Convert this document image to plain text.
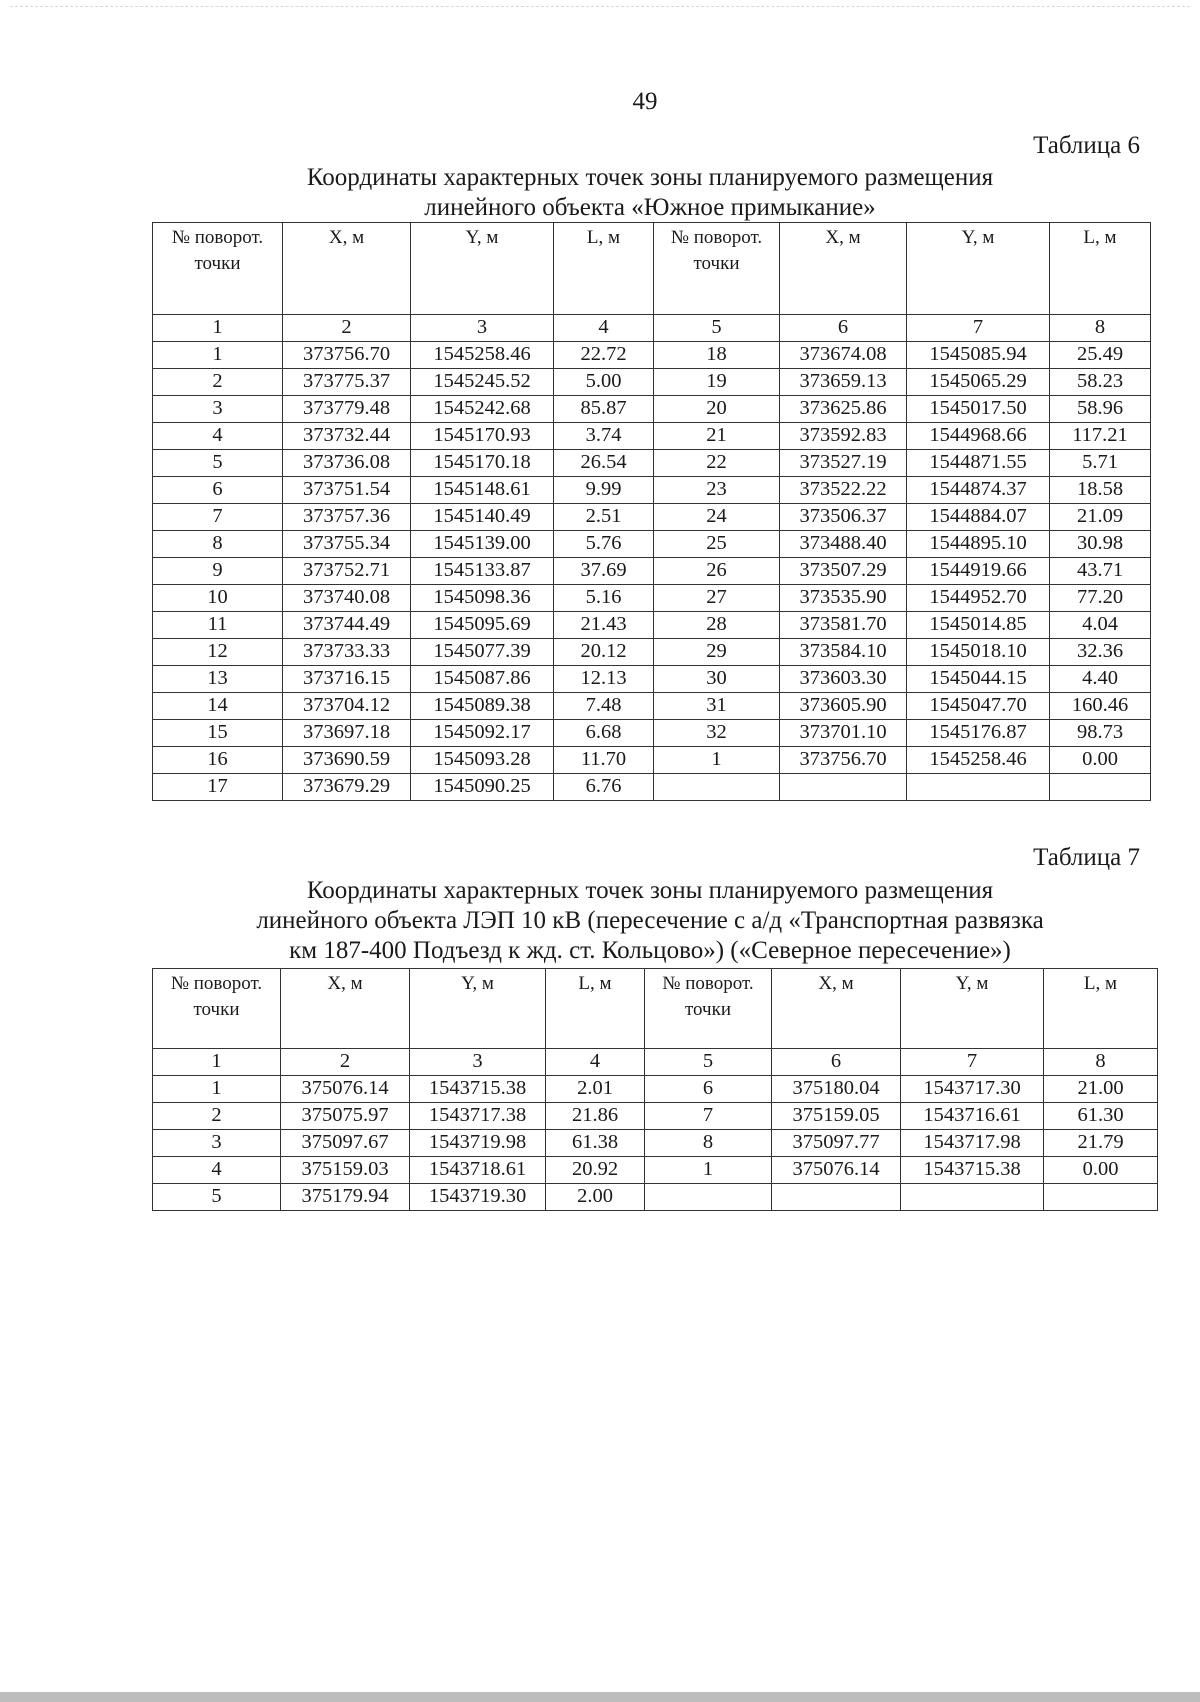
49
Таблица 6
Координаты характерных точек зоны планируемого размещения
линейного объекта «Южное примыкание»
№ поворот. точки	X, м	Y, м	L, м	№ поворот. точки	X, м	Y, м	L, м
1	2	3	4	5	6	7	8
1	373756.70	1545258.46	22.72	18	373674.08	1545085.94	25.49
2	373775.37	1545245.52	5.00	19	373659.13	1545065.29	58.23
3	373779.48	1545242.68	85.87	20	373625.86	1545017.50	58.96
4	373732.44	1545170.93	3.74	21	373592.83	1544968.66	117.21
5	373736.08	1545170.18	26.54	22	373527.19	1544871.55	5.71
6	373751.54	1545148.61	9.99	23	373522.22	1544874.37	18.58
7	373757.36	1545140.49	2.51	24	373506.37	1544884.07	21.09
8	373755.34	1545139.00	5.76	25	373488.40	1544895.10	30.98
9	373752.71	1545133.87	37.69	26	373507.29	1544919.66	43.71
10	373740.08	1545098.36	5.16	27	373535.90	1544952.70	77.20
11	373744.49	1545095.69	21.43	28	373581.70	1545014.85	4.04
12	373733.33	1545077.39	20.12	29	373584.10	1545018.10	32.36
13	373716.15	1545087.86	12.13	30	373603.30	1545044.15	4.40
14	373704.12	1545089.38	7.48	31	373605.90	1545047.70	160.46
15	373697.18	1545092.17	6.68	32	373701.10	1545176.87	98.73
16	373690.59	1545093.28	11.70	1	373756.70	1545258.46	0.00
17	373679.29	1545090.25	6.76				
Таблица 7
Координаты характерных точек зоны планируемого размещения
линейного объекта ЛЭП 10 кВ (пересечение с а/д «Транспортная развязка
км 187-400 Подъезд к жд. ст. Кольцово») («Северное пересечение»)
№ поворот. точки	X, м	Y, м	L, м	№ поворот. точки	X, м	Y, м	L, м
1	2	3	4	5	6	7	8
1	375076.14	1543715.38	2.01	6	375180.04	1543717.30	21.00
2	375075.97	1543717.38	21.86	7	375159.05	1543716.61	61.30
3	375097.67	1543719.98	61.38	8	375097.77	1543717.98	21.79
4	375159.03	1543718.61	20.92	1	375076.14	1543715.38	0.00
5	375179.94	1543719.30	2.00				
